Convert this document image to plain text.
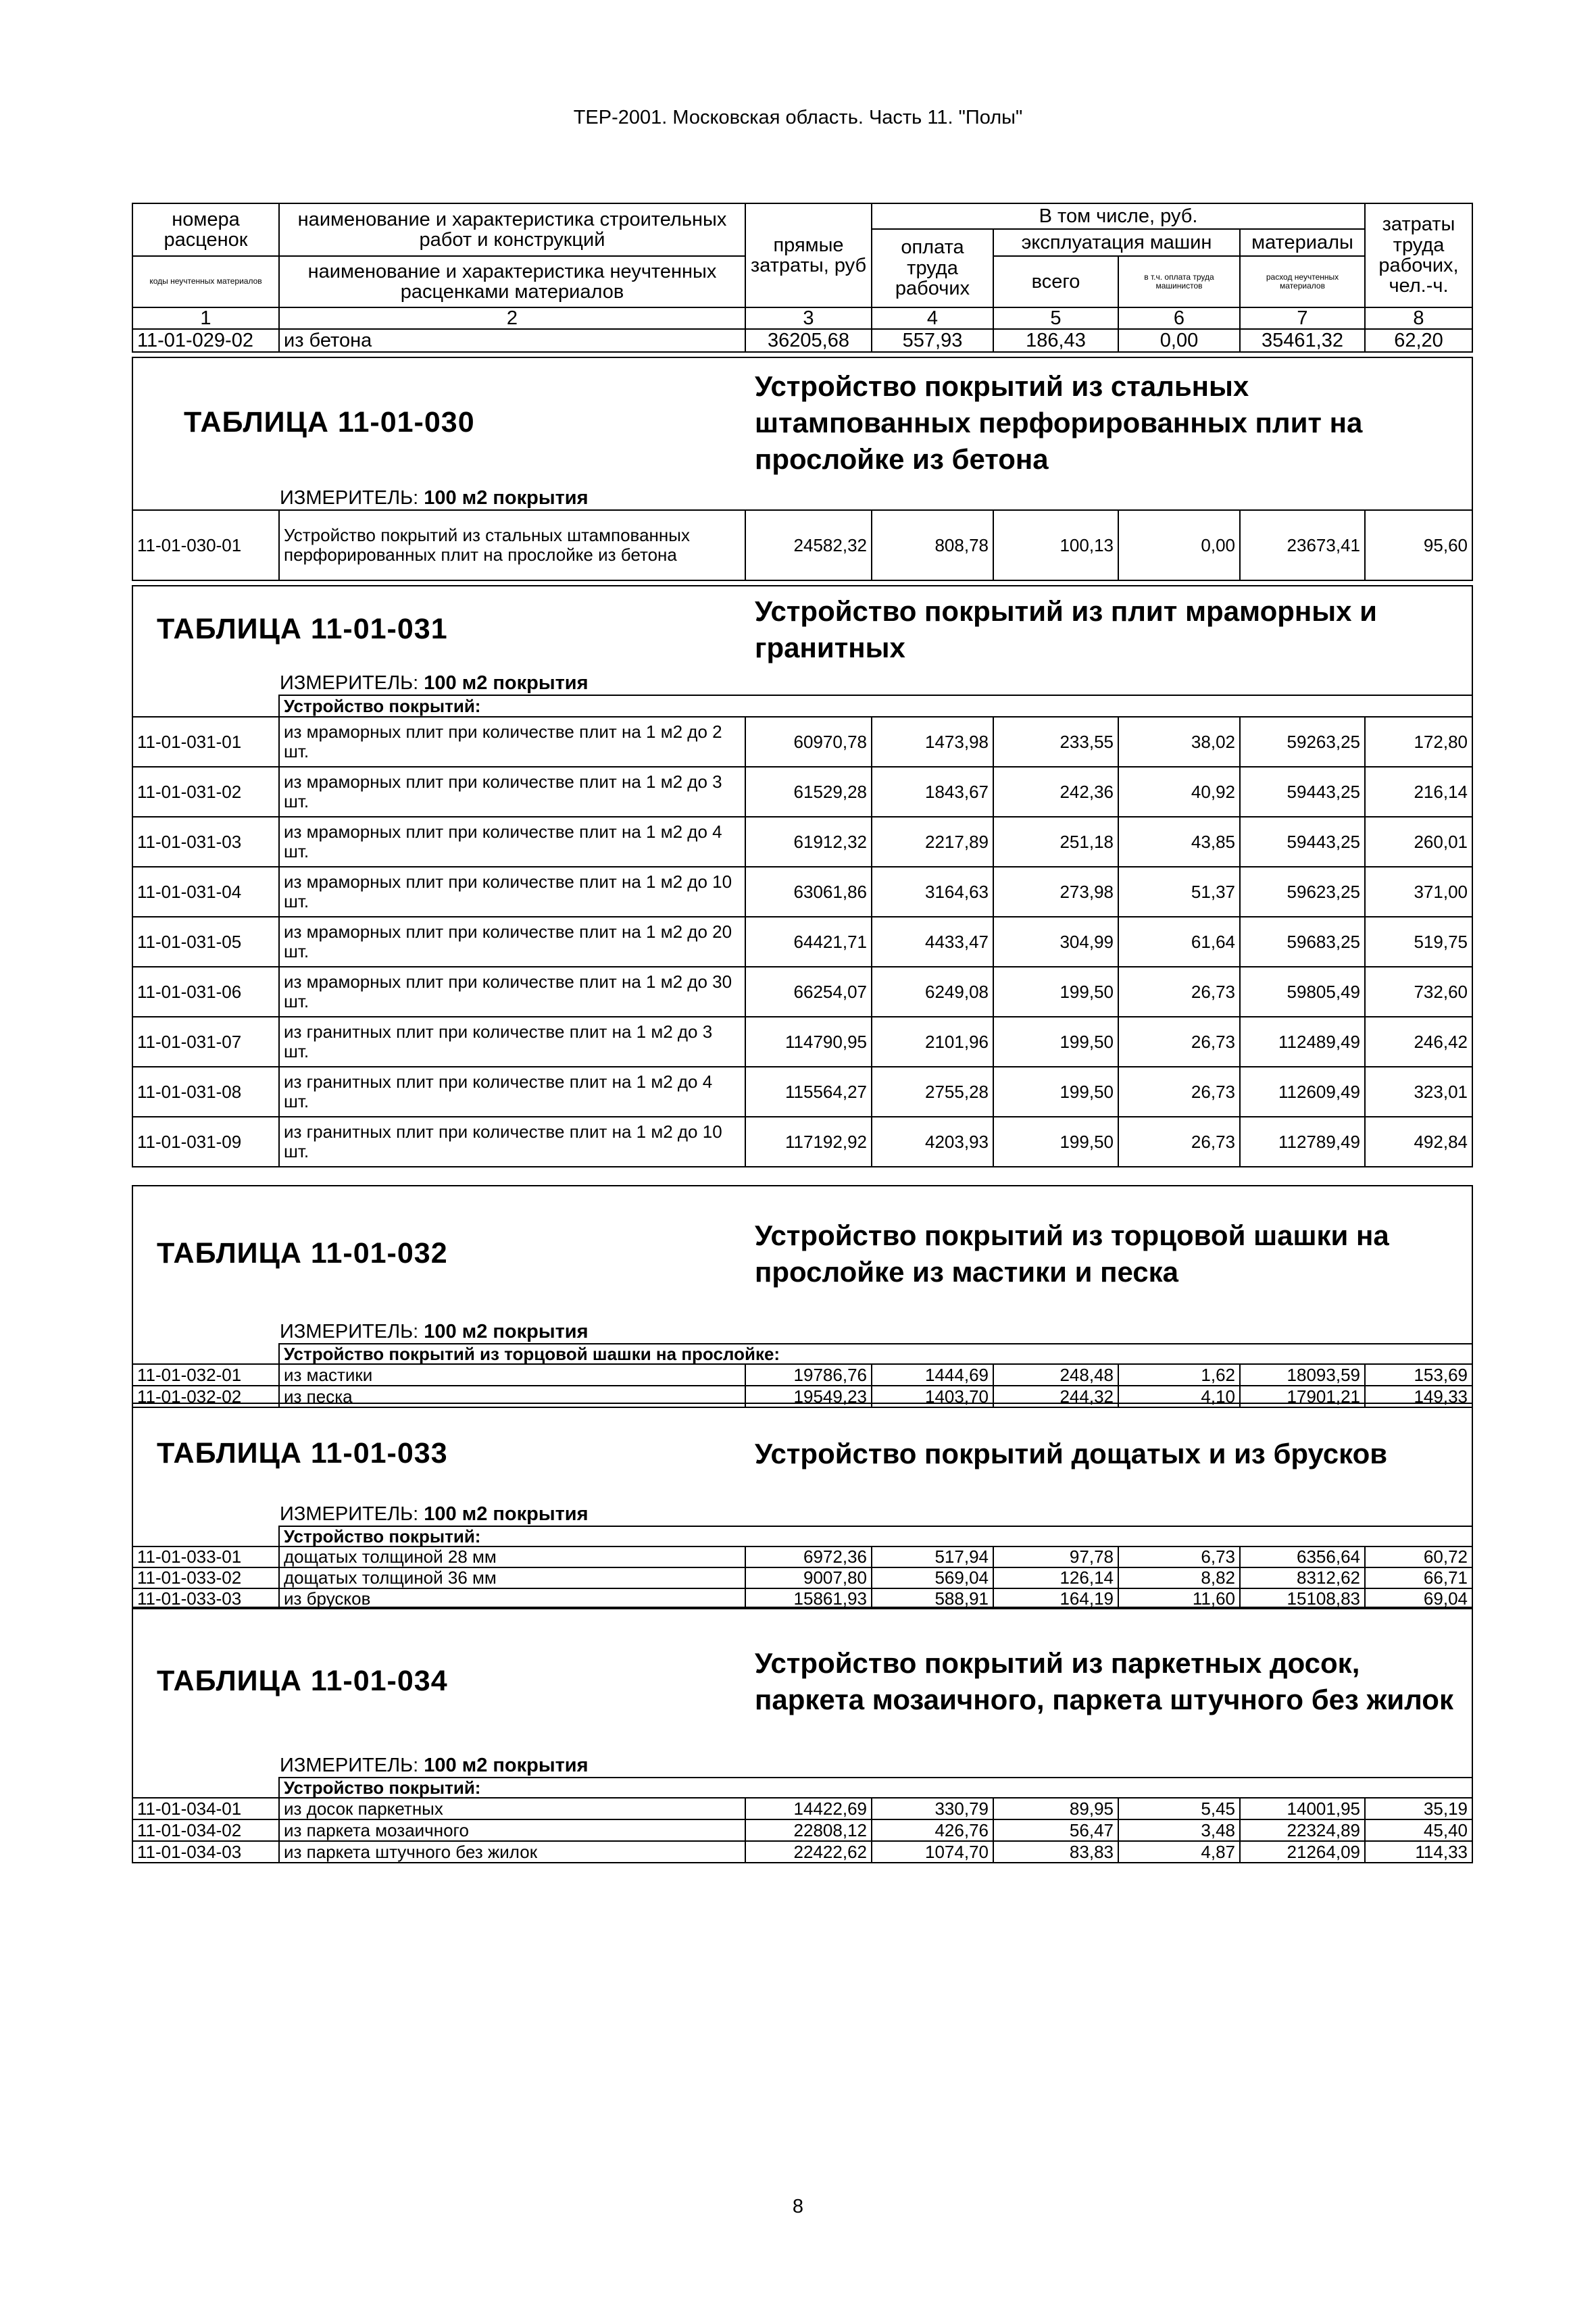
ТЕР-2001. Московская область. Часть 11. "Полы"
номера расценок	наименование и характеристика строительных работ и конструкций	прямые затраты, руб	В том числе, руб.				затраты труда рабочих, чел.-ч.
			оплата труда рабочих	эксплуатация машин		материалы	
коды неучтенных материалов	наименование и характеристика неучтенных расценками материалов			всего	в т.ч. оплата труда машинистов	расход неучтенных материалов	

1	2	3	4	5	6	7	8
11-01-029-02	из бетона	36205,68	557,93	186,43	0,00	35461,32	62,20
ТАБЛИЦА 11-01-030
Устройство покрытий из стальных штампованных перфорированных плит на прослойке из бетона

ИЗМЕРИТЕЛЬ: 100 м2 покрытия
11-01-030-01	Устройство покрытий из стальных штампованных перфорированных плит на прослойке из бетона	24582,32	808,78	100,13	0,00	23673,41	95,60
ТАБЛИЦА 11-01-031
Устройство покрытий из плит мраморных и гранитных							

ИЗМЕРИТЕЛЬ: 100 м2 покрытия							
	Устройство покрытий:						
11-01-031-01	из мраморных плит при количестве плит на 1 м2 до 2 шт.	60970,78	1473,98	233,55	38,02	59263,25	172,80
11-01-031-02	из мраморных плит при количестве плит на 1 м2 до 3 шт.	61529,28	1843,67	242,36	40,92	59443,25	216,14
11-01-031-03	из мраморных плит при количестве плит на 1 м2 до 4 шт.	61912,32	2217,89	251,18	43,85	59443,25	260,01
11-01-031-04	из мраморных плит при количестве плит на 1 м2 до 10 шт.	63061,86	3164,63	273,98	51,37	59623,25	371,00
11-01-031-05	из мраморных плит при количестве плит на 1 м2 до 20 шт.	64421,71	4433,47	304,99	61,64	59683,25	519,75
11-01-031-06	из мраморных плит при количестве плит на 1 м2 до 30 шт.	66254,07	6249,08	199,50	26,73	59805,49	732,60
11-01-031-07	из гранитных плит при количестве плит на 1 м2 до 3 шт.	114790,95	2101,96	199,50	26,73	112489,49	246,42
11-01-031-08	из гранитных плит при количестве плит на 1 м2 до 4 шт.	115564,27	2755,28	199,50	26,73	112609,49	323,01
11-01-031-09	из гранитных плит при количестве плит на 1 м2 до 10 шт.	117192,92	4203,93	199,50	26,73	112789,49	492,84
ТАБЛИЦА 11-01-032
Устройство покрытий из торцовой шашки на прослойке из мастики и песка							

ИЗМЕРИТЕЛЬ: 100 м2 покрытия							
	Устройство покрытий из торцовой шашки на прослойке:						
11-01-032-01	из мастики	19786,76	1444,69	248,48	1,62	18093,59	153,69
11-01-032-02	из песка	19549,23	1403,70	244,32	4,10	17901,21	149,33
ТАБЛИЦА 11-01-033 Устройство покрытий дощатых и из брусков							

ИЗМЕРИТЕЛЬ: 100 м2 покрытия							
	Устройство покрытий:						
11-01-033-01	дощатых толщиной 28 мм	6972,36	517,94	97,78	6,73	6356,64	60,72
11-01-033-02	дощатых толщиной 36 мм	9007,80	569,04	126,14	8,82	8312,62	66,71
11-01-033-03	из брусков	15861,93	588,91	164,19	11,60	15108,83	69,04
ТАБЛИЦА 11-01-034
Устройство покрытий из паркетных досок, паркета мозаичного, паркета штучного без жилок							

ИЗМЕРИТЕЛЬ: 100 м2 покрытия							
	Устройство покрытий:						
11-01-034-01	из досок паркетных	14422,69	330,79	89,95	5,45	14001,95	35,19
11-01-034-02	из паркета мозаичного	22808,12	426,76	56,47	3,48	22324,89	45,40
11-01-034-03	из паркета штучного без жилок	22422,62	1074,70	83,83	4,87	21264,09	114,33
8
